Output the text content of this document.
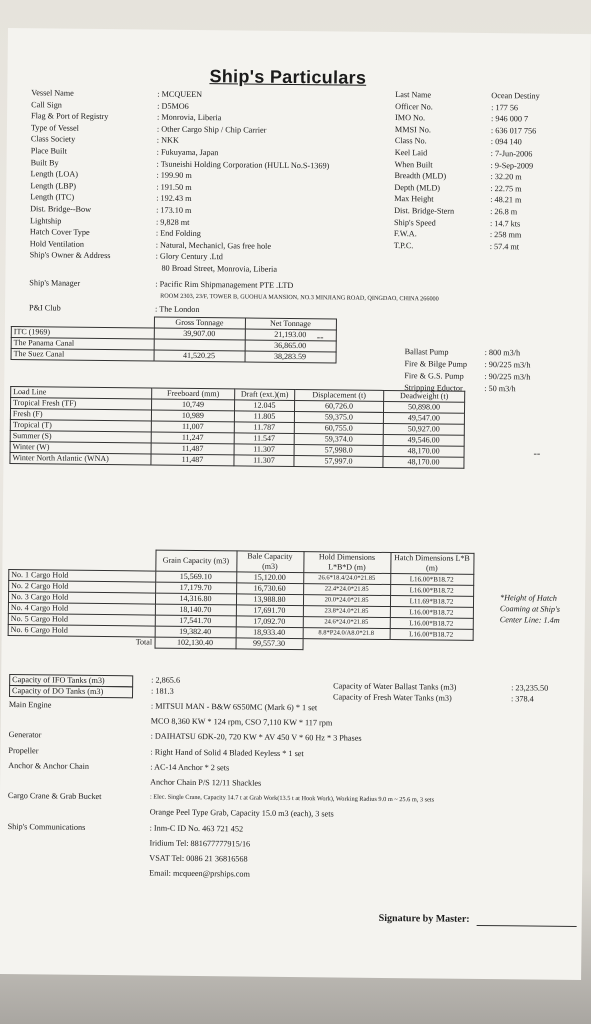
Ship's Particulars
Vessel Name	: MCQUEEN
Call Sign	: D5MO6
Flag & Port of Registry	: Monrovia, Liberia
Type of Vessel	: Other Cargo Ship / Chip Carrier
Class Society	: NKK
Place Built	: Fukuyama, Japan
Built By	: Tsuneishi Holding Corporation (HULL No.S-1369)
Length (LOA)	: 199.90 m
Length (LBP)	: 191.50 m
Length (ITC)	: 192.43 m
Dist. Bridge--Bow	: 173.10 m
Lightship	: 9,828 mt
Hatch Cover Type	: End Folding
Hold Ventilation	: Natural, Mechanicl, Gas free hole
Ship's Owner & Address	: Glory Century .Ltd
80 Broad Street, Monrovia, Liberia
Ship's Manager	: Pacific Rim Shipmanagement PTE .LTD
ROOM 2303, 23/F, TOWER B, GUOHUA MANSION, NO.3 MINJIANG ROAD, QINGDAO, CHINA 266000
P&I Club	: The London
Last Name	Ocean Destiny
Officer No.	: 177 56
IMO No.	: 946 000 7
MMSI No.	: 636 017 756
Class No.	: 094 140
Keel Laid	: 7-Jun-2006
When Built	: 9-Sep-2009
Breadth (MLD)	: 32.20 m
Depth (MLD)	: 22.75 m
Max Height	: 48.21 m
Dist. Bridge-Stern	: 26.8 m
Ship's Speed	: 14.7 kts
F.W.A.	: 258 mm
T.P.C.	: 57.4 mt
	Gross Tonnage	Net Tonnage
ITC (1969)	39,907.00	21,193.00
The Panama Canal		36,865.00
The Suez Canal	41,520.25	38,283.59
--
Ballast Pump	: 800 m3/h
Fire & Bilge Pump : 90/225 m3/h
Fire & G.S. Pump	: 90/225 m3/h
Stripping Eductor	: 50 m3/h
Load Line	Freeboard (mm)	Draft (ext.)(m)	Displacement (t)	Deadweight (t)
Tropical Fresh (TF)	10,749	12.045	60,726.0	50,898.00
Fresh (F)	10,989	11.805	59,375.0	49,547.00
Tropical (T)	11,007	11.787	60,755.0	50,927.00
Summer (S)	11,247	11.547	59,374.0	49,546.00
Winter (W)	11,487	11.307	57,998.0	48,170.00
Winter North Atlantic (WNA)	11,487	11.307	57,997.0	48,170.00
--
	Grain Capacity (m3)	Bale Capacity (m3)	Hold Dimensions L*B*D (m)	Hatch Dimensions L*B (m)
No. 1 Cargo Hold	15,569.10	15,120.00	26.6*18.4/24.0*21.85	L16.00*B18.72
No. 2 Cargo Hold	17,179.70	16,730.60	22.4*24.0*21.85	L16.00*B18.72
No. 3 Cargo Hold	14,316.80	13,988.80	20.0*24.0*21.85	L11.69*B18.72
No. 4 Cargo Hold	18,140.70	17,691.70	23.8*24.0*21.85	L16.00*B18.72
No. 5 Cargo Hold	17,541.70	17,092.70	24.6*24.0*21.85	L16.00*B18.72
No. 6 Cargo Hold	19,382.40	18,933.40	8.8*P24.0/A8.0*21.8	L16.00*B18.72
Total	102,130.40	99,557.30		
*Height of Hatch
Coaming at Ship's
Center Line: 1.4m
Capacity of IFO Tanks (m3)	: 2,865.6
Capacity of DO Tanks (m3)	: 181.3	Capacity of Water Ballast Tanks (m3)	: 23,235.50
Capacity of Fresh Water Tanks (m3)	: 378.4
Main Engine	: MITSUI MAN - B&W 6S50MC (Mark 6) * 1 set
MCO 8,360 KW * 124 rpm, CSO 7,110 KW * 117 rpm
Generator	: DAIHATSU 6DK-20, 720 KW * AV 450 V * 60 Hz * 3 Phases
Propeller	: Right Hand of Solid 4 Bladed Keyless * 1 set
Anchor & Anchor Chain	: AC-14 Anchor * 2 sets
Anchor Chain P/S 12/11 Shackles
Cargo Crane & Grab Bucket	: Elec. Single Crane, Capacity 14.7 t at Grab Work(13.5 t at Hook Work), Working Radius 9.0 m ~ 25.6 m, 3 sets
Orange Peel Type Grab, Capacity 15.0 m3 (each), 3 sets
Ship's Communications	: Inm-C ID No. 463 721 452
Iridium Tel: 881677777915/16
VSAT Tel: 0086 21 36816568
Email: mcqueen@prships.com
Signature by Master:
